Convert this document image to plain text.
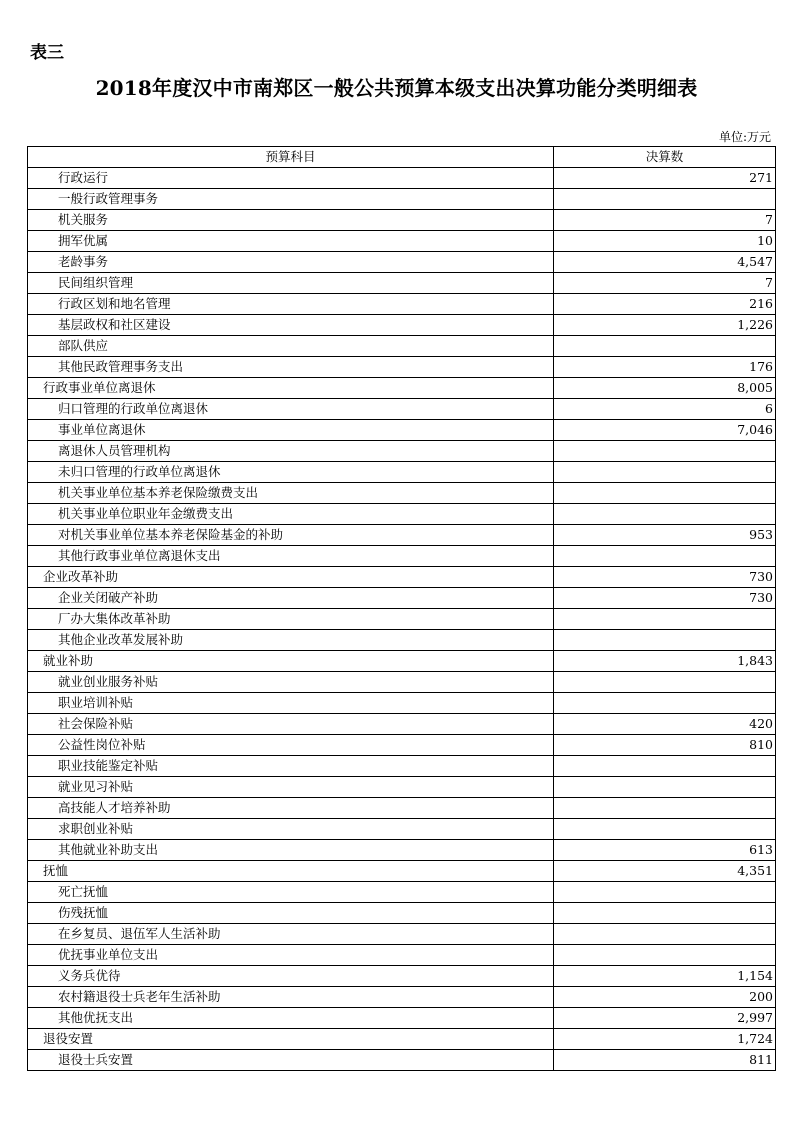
表三
2018年度汉中市南郑区一般公共预算本级支出决算功能分类明细表
单位:万元
预算科目	决算数
行政运行	271
一般行政管理事务	
机关服务	7
拥军优属	10
老龄事务	4,547
民间组织管理	7
行政区划和地名管理	216
基层政权和社区建设	1,226
部队供应	
其他民政管理事务支出	176
行政事业单位离退休	8,005
归口管理的行政单位离退休	6
事业单位离退休	7,046
离退休人员管理机构	
未归口管理的行政单位离退休	
机关事业单位基本养老保险缴费支出	
机关事业单位职业年金缴费支出	
对机关事业单位基本养老保险基金的补助	953
其他行政事业单位离退休支出	
企业改革补助	730
企业关闭破产补助	730
厂办大集体改革补助	
其他企业改革发展补助	
就业补助	1,843
就业创业服务补贴	
职业培训补贴	
社会保险补贴	420
公益性岗位补贴	810
职业技能鉴定补贴	
就业见习补贴	
高技能人才培养补助	
求职创业补贴	
其他就业补助支出	613
抚恤	4,351
死亡抚恤	
伤残抚恤	
在乡复员、退伍军人生活补助	
优抚事业单位支出	
义务兵优待	1,154
农村籍退役士兵老年生活补助	200
其他优抚支出	2,997
退役安置	1,724
退役士兵安置	811
